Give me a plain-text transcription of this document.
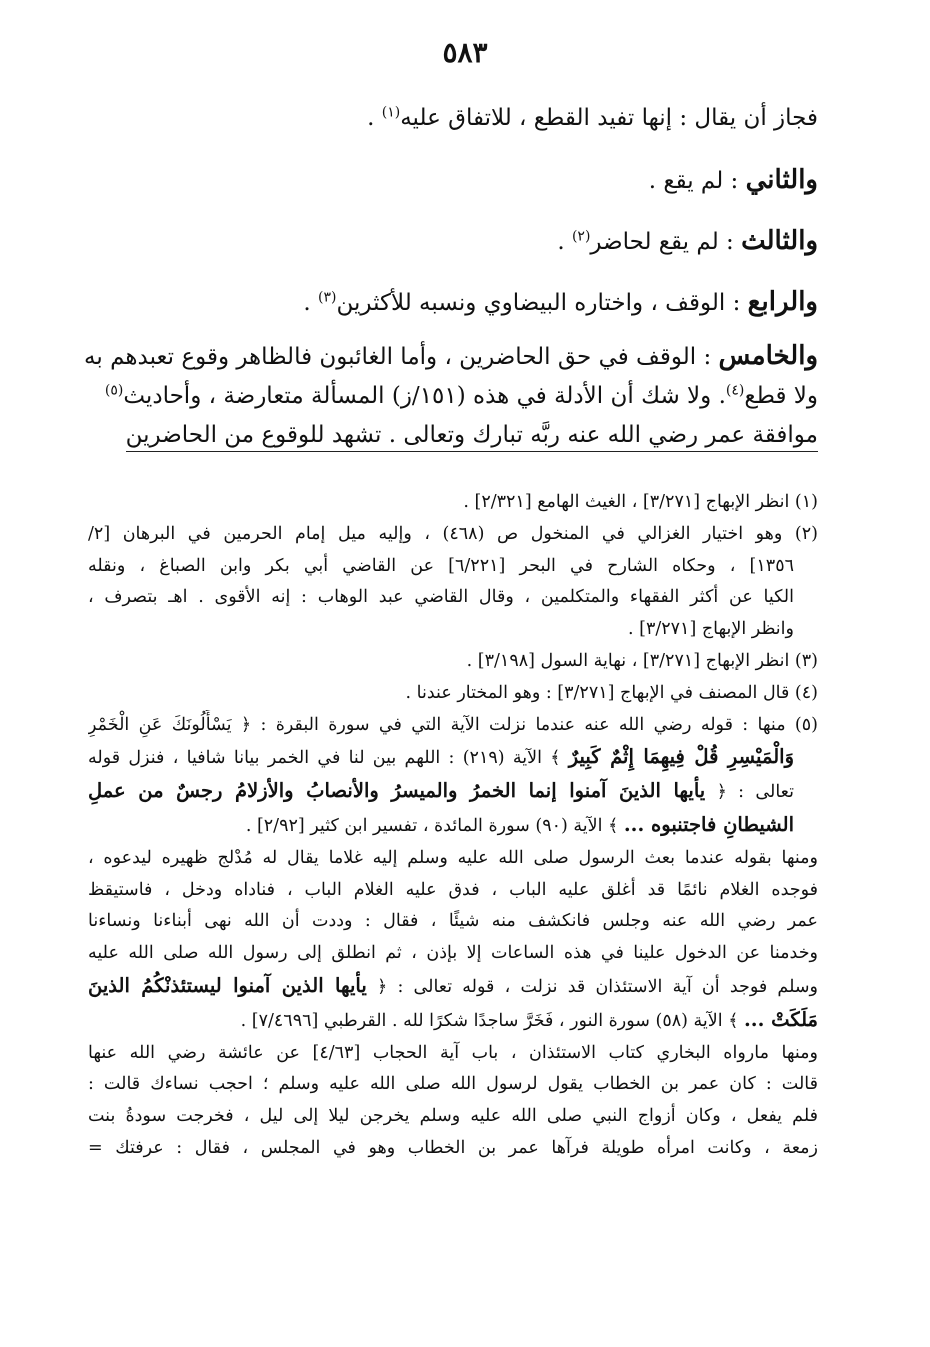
٥٨٣

فجاز أن يقال : إنها تفيد القطع ، للاتفاق عليه$^{(١)}$ .

والثاني : لم يقع .

والثالث : لم يقع لحاضر$^{(٢)}$ .

والرابع : الوقف ، واختاره البيضاوي ونسبه للأكثرين$^{(٣)}$ .

والخامس : الوقف في حق الحاضرين ، وأما الغائبون فالظاهر وقوع تعبدهم به

ولا قطع$^{(٤)}$. ولا شك أن الأدلة في هذه (١٥١/ز) المسألة متعارضة ، وأحاديث$^{(٥)}$

موافقة عمر رضي الله عنه ربَّه تبارك وتعالى . تشهد للوقوع من الحاضرين

(١) انظر الإبهاج [٣/٢٧١] ، الغيث الهامع [٢/٣٢١] .

(٢) وهو اختيار الغزالي في المنخول ص (٤٦٨) ، وإليه ميل إمام الحرمين في البرهان [٢/

١٣٥٦] ، وحكاه الشارح في البحر [٦/٢٢١] عن القاضي أبي بكر وابن الصباغ ، ونقله

الكيا عن أكثر الفقهاء والمتكلمين ، وقال القاضي عبد الوهاب : إنه الأقوى . اهـ بتصرف ،

وانظر الإبهاج [٣/٢٧١] .

(٣) انظر الإبهاج [٣/٢٧١] ، نهاية السول [٣/١٩٨] .

(٤) قال المصنف في الإبهاج [٣/٢٧١] : وهو المختار عندنا .

(٥) منها : قوله رضي الله عنه عندما نزلت الآية التي في سورة البقرة : ﴿ يَسْأَلُونَكَ عَنِ الْخَمْرِ

وَالْمَيْسِرِ قُلْ فِيهِمَا إِثْمٌ كَبِيرٌ ﴾ الآية (٢١٩) : اللهم بين لنا في الخمر بيانا شافيا ، فنزل قوله

تعالى : ﴿ يأيها الذينَ آمنوا إنما الخمرُ والميسرُ والأنصابُ والأزلامُ رجسٌ من عملِ

الشيطانِ فاجتنبوه ... ﴾ الآية (٩٠) سورة المائدة ، تفسير ابن كثير [٢/٩٢] .

ومنها بقوله عندما بعث الرسول صلى الله عليه وسلم إليه غلاما يقال له مُدْلج ظهيره ليدعوه ،

فوجده الغلام نائمًا قد أغلق عليه الباب ، فدق عليه الغلام الباب ، فناداه ودخل ، فاستيقظ

عمر رضي الله عنه وجلس فانكشف منه شيئًا ، فقال : وددت أن الله نهى أبناءنا ونساءنا

وخدمنا عن الدخول علينا في هذه الساعات إلا بإذن ، ثم انطلق إلى رسول الله صلى الله عليه

وسلم فوجد أن آية الاستئذان قد نزلت ، قوله تعالى : ﴿ يأيها الذين آمنوا ليستئذنْكُمُ الذينَ

مَلَكَتْ ... ﴾ الآية (٥٨) سورة النور ، فَخَرَّ ساجدًا شكرًا لله . القرطبي [٧/٤٦٩٦] .

ومنها مارواه البخاري كتاب الاستئذان ، باب آية الحجاب [٤/٦٣] عن عائشة رضي الله عنها

قالت : كان عمر بن الخطاب يقول لرسول الله صلى الله عليه وسلم ؛ احجب نساءك قالت :

فلم يفعل ، وكان أزواج النبي صلى الله عليه وسلم يخرجن ليلا إلى ليل ، فخرجت سودةُ بنت

زمعة ، وكانت امرأه طويلة فرآها عمر بن الخطاب وهو في المجلس ، فقال : عرفتك =
